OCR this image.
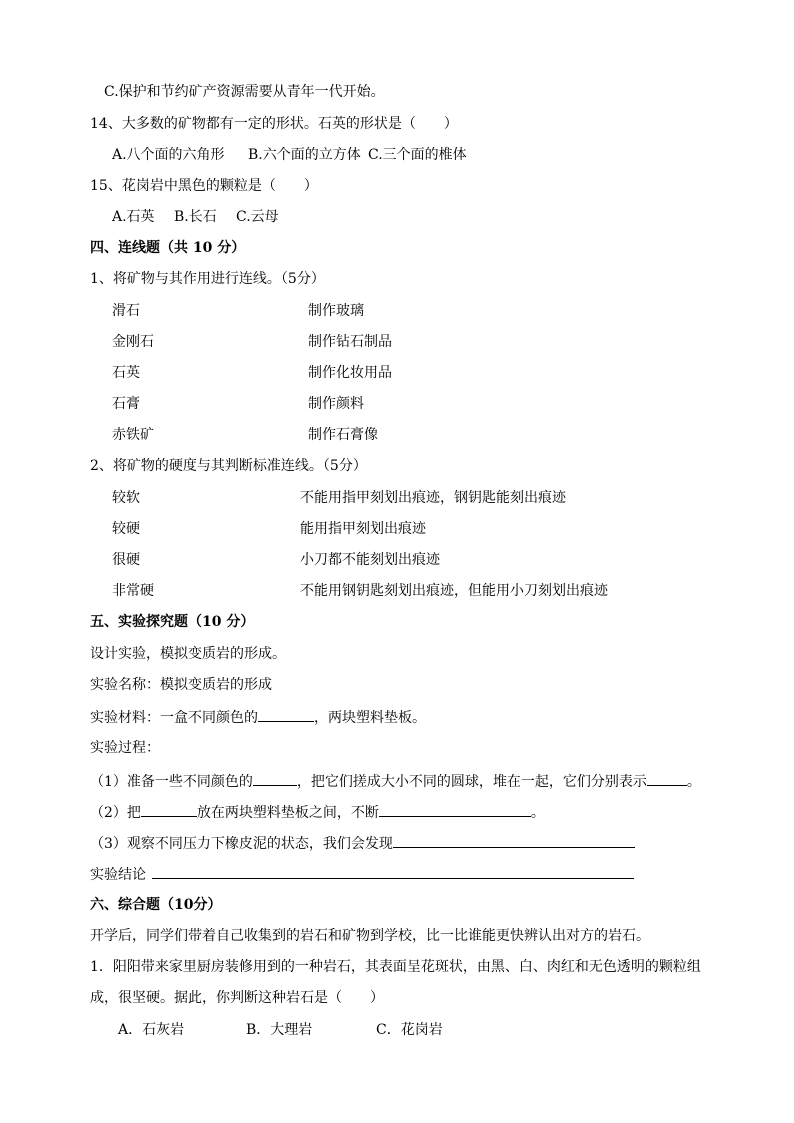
C.保护和节约矿产资源需要从青年一代开始。
14、大多数的矿物都有一定的形状。石英的形状是（　　）
A.八个面的六角形 B.六个面的立方体 C.三个面的椎体
15、花岗岩中黑色的颗粒是（　　）
A.石英 B.长石 C.云母
四、连线题（共 10 分）
1、将矿物与其作用进行连线。（5分）
滑石	制作玻璃
金刚石	制作钻石制品
石英	制作化妆用品
石膏	制作颜料
赤铁矿	制作石膏像
2、将矿物的硬度与其判断标准连线。（5分）
较软	不能用指甲刻划出痕迹，钢钥匙能刻出痕迹
较硬	能用指甲刻划出痕迹
很硬	小刀都不能刻划出痕迹
非常硬	不能用钢钥匙刻划出痕迹，但能用小刀刻划出痕迹
五、实验探究题（10 分）
设计实验，模拟变质岩的形成。
实验名称：模拟变质岩的形成
实验材料：一盒不同颜色的	，两块塑料垫板。
实验过程：
（1）准备一些不同颜色的	，把它们搓成大小不同的圆球，堆在一起，它们分别表示	。
（2）把	放在两块塑料垫板之间，不断	。
（3）观察不同压力下橡皮泥的状态，我们会发现
实验结论
六、综合题（10分）
开学后，同学们带着自己收集到的岩石和矿物到学校，比一比谁能更快辨认出对方的岩石。
1．阳阳带来家里厨房装修用到的一种岩石，其表面呈花斑状，由黑、白、肉红和无色透明的颗粒组
成，很坚硬。据此，你判断这种岩石是（　　）
A．石灰岩	B．大理岩	C．花岗岩
